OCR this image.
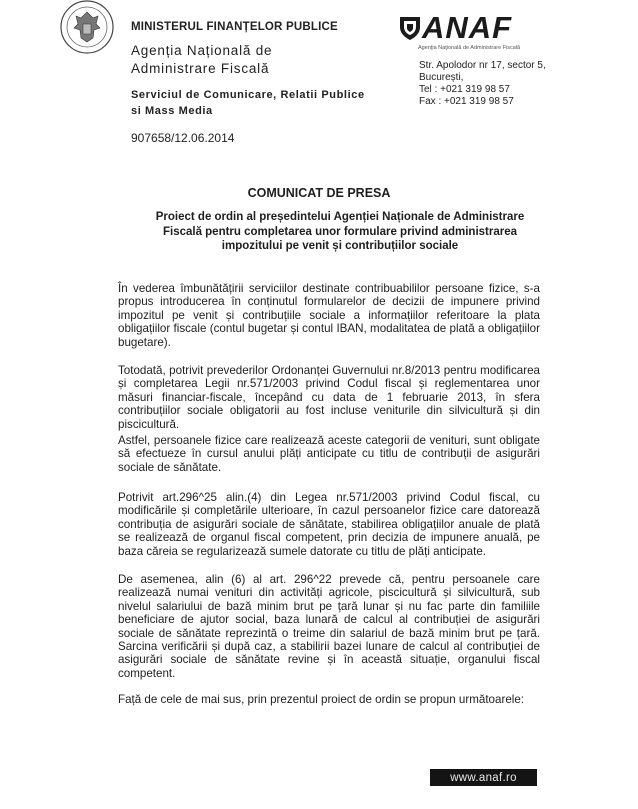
MINISTERUL FINANȚELOR PUBLICE
Agenția Națională de
Administrare Fiscală
Serviciul de Comunicare, Relatii Publice
si Mass Media
907658/12.06.2014
ANAF
Agenţia Naţională de Administrare Fiscală
Str. Apolodor nr 17, sector 5,
București,
Tel : +021 319 98 57
Fax : +021 319 98 57
COMUNICAT DE PRESA
Proiect de ordin al președintelui Agenției Naționale de Administrare Fiscală pentru completarea unor formulare privind administrarea impozitului pe venit și contribuțiilor sociale
În vederea îmbunătățirii serviciilor destinate contribuabililor persoane fizice, s-a propus introducerea în conținutul formularelor de decizii de impunere privind impozitul pe venit și contribuțiile sociale a informațiilor referitoare la plata obligațiilor fiscale (contul bugetar și contul IBAN, modalitatea de plată a obligațiilor bugetare).
Totodată, potrivit prevederilor Ordonanței Guvernului nr.8/2013 pentru modificarea și completarea Legii nr.571/2003 privind Codul fiscal și reglementarea unor măsuri financiar-fiscale, începând cu data de 1 februarie 2013, în sfera contribuțiilor sociale obligatorii au fost incluse veniturile din silvicultură și din piscicultură.
Astfel, persoanele fizice care realizează aceste categorii de venituri, sunt obligate să efectueze în cursul anului plăți anticipate cu titlu de contribuții de asigurări sociale de sănătate.
Potrivit art.296^25 alin.(4) din Legea nr.571/2003 privind Codul fiscal, cu modificările și completările ulterioare, în cazul persoanelor fizice care datorează contribuția de asigurări sociale de sănătate, stabilirea obligațiilor anuale de plată se realizează de organul fiscal competent, prin decizia de impunere anuală, pe baza căreia se regularizează sumele datorate cu titlu de plăți anticipate.
De asemenea, alin (6) al art. 296^22 prevede că, pentru persoanele care realizează numai venituri din activități agricole, piscicultură și silvicultură, sub nivelul salariului de bază minim brut pe țară lunar și nu fac parte din familiile beneficiare de ajutor social, baza lunară de calcul al contribuției de asigurări sociale de sănătate reprezintă o treime din salariul de bază minim brut pe țară. Sarcina verificării și după caz, a stabilirii bazei lunare de calcul al contribuției de asigurări sociale de sănătate revine și în această situație, organului fiscal competent.
Față de cele de mai sus, prin prezentul proiect de ordin se propun următoarele:
www.anaf.ro
